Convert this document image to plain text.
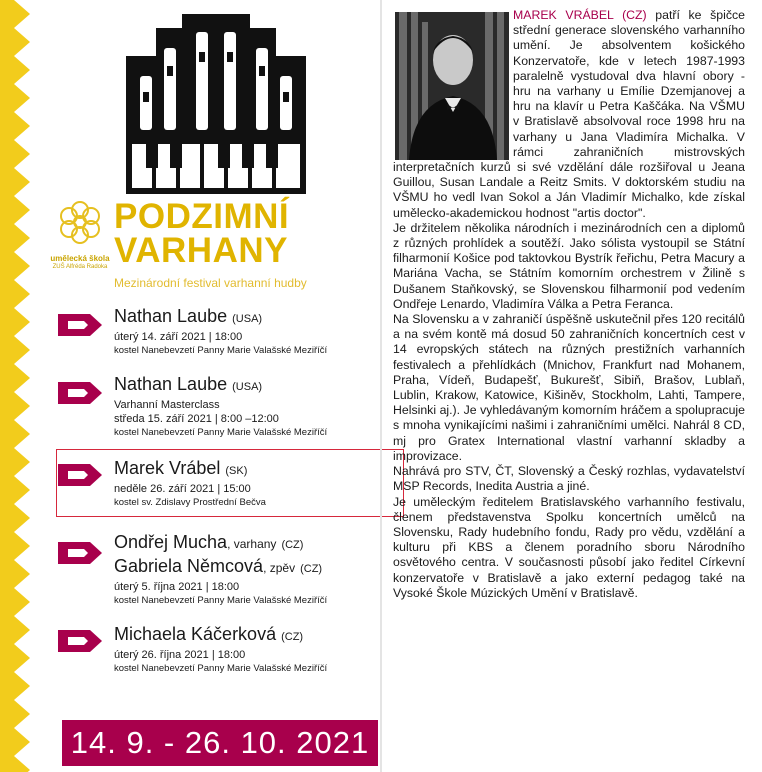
umělecká škola
ZUŠ Alfréda Radoka
PODZIMNÍ
VARHANY
Mezinárodní festival varhanní hudby
Nathan Laube (USA)
úterý 14. září 2021 | 18:00
kostel Nanebevzetí Panny Marie Valašské Meziříčí
Nathan Laube (USA)
Varhanní Masterclass
středa 15. září 2021 | 8:00 –12:00
kostel Nanebevzetí Panny Marie Valašské Meziříčí
Marek Vrábel (SK)
neděle 26. září 2021 | 15:00
kostel sv. Zdislavy Prostřední Bečva
Ondřej Mucha, varhany (CZ)
Gabriela Němcová, zpěv (CZ)
úterý 5. října 2021 | 18:00
kostel Nanebevzetí Panny Marie Valašské Meziříčí
Michaela Káčerková (CZ)
úterý 26. října 2021 | 18:00
kostel Nanebevzetí Panny Marie Valašské Meziříčí
14. 9. - 26. 10. 2021

MAREK VRÁBEL (CZ) patří ke špičce střední generace slovenského varhanního umění. Je absolventem košického Konzervatoře, kde v letech 1987-1993 paralelně vystudoval dva hlavní obory - hru na varhany u Emílie Dzemjanovej a hru na klavír u Petra Kaščáka. Na VŠMU v Bratislavě absolvoval roce 1998 hru na varhany u Jana Vladimíra Michalka. V rámci zahraničních mistrovských interpretačních kurzů si své vzdělání dále rozšiřoval u Jeana Guillou, Susan Landale a Reitz Smits. V doktorském studiu na VŠMU ho vedl Ivan Sokol a Ján Vladimír Michalko, kde získal umělecko-akademickou hodnost "artis doctor".

Je držitelem několika národních i mezinárodních cen a diplomů z různých prohlídek a soutěží. Jako sólista vystoupil se Státní filharmonií Košice pod taktovkou Bystrík řeřichu, Petra Macury a Mariána Vacha, se Státním komorním orchestrem v Žilině s Dušanem Staňkovský, se Slovenskou filharmonií pod vedením Ondřeje Lenardo, Vladimíra Válka a Petra Feranca.

Na Slovensku a v zahraničí úspěšně uskutečnil přes 120 recitálů a na svém kontě má dosud 50 zahraničních koncertních cest v 14 evropských státech na různých prestižních varhanních festivalech a přehlídkách (Mnichov, Frankfurt nad Mohanem, Praha, Vídeň, Budapešť, Bukurešť, Sibiň, Brašov, Lublaň, Lublin, Krakow, Katowice, Kišiněv, Stockholm, Lahti, Tampere, Helsinki aj.). Je vyhledávaným komorním hráčem a spolupracuje s mnoha vynikajícími našimi i zahraničními umělci. Nahrál 8 CD, mj pro Gratex International vlastní varhanní skladby a improvizace.

Nahrává pro STV, ČT, Slovenský a Český rozhlas, vydavatelství MSP Records, Inedita Austria a jiné.

Je uměleckým ředitelem Bratislavského varhanního festivalu, členem představenstva Spolku koncertních umělců na Slovensku, Rady hudebního fondu, Rady pro vědu, vzdělání a kulturu při KBS a členem poradního sboru Národního osvětového centra. V současnosti působí jako ředitel Církevní konzervatoře v Bratislavě a jako externí pedagog také na Vysoké Škole Múzických Umění v Bratislavě.
